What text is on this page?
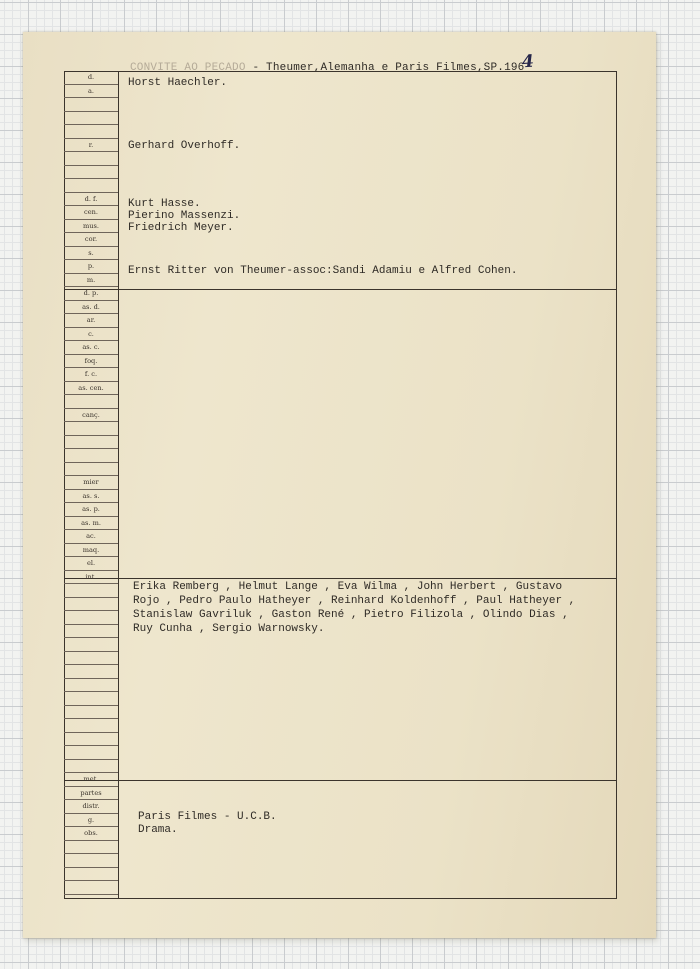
CONVITE AO PECADO - Theumer,Alemanha e Paris Filmes,SP.1964
d.
a.
r.
d. f.
cen.
mus.
cor.
s.
p.
m.
d. p.
as. d.
ar.
c.
as. c.
foq.
f. c.
as. cen.
canç.
mier
as. s.
as. p.
as. m.
ac.
maq.
el.
int.
met.
partes
distr.
g.
obs.
Horst Haechler.
Gerhard Overhoff.
Kurt Hasse.
Pierino Massenzi.
Friedrich Meyer.
Ernst Ritter von Theumer-assoc:Sandi Adamiu e Alfred Cohen.
Erika Remberg , Helmut Lange , Eva Wilma , John Herbert , Gustavo
Rojo , Pedro Paulo Hatheyer , Reinhard Koldenhoff , Paul Hatheyer ,
Stanislaw Gavriluk , Gaston René , Pietro Filizola , Olindo Dias ,
Ruy Cunha , Sergio Warnowsky.
Paris Filmes - U.C.B.
Drama.
